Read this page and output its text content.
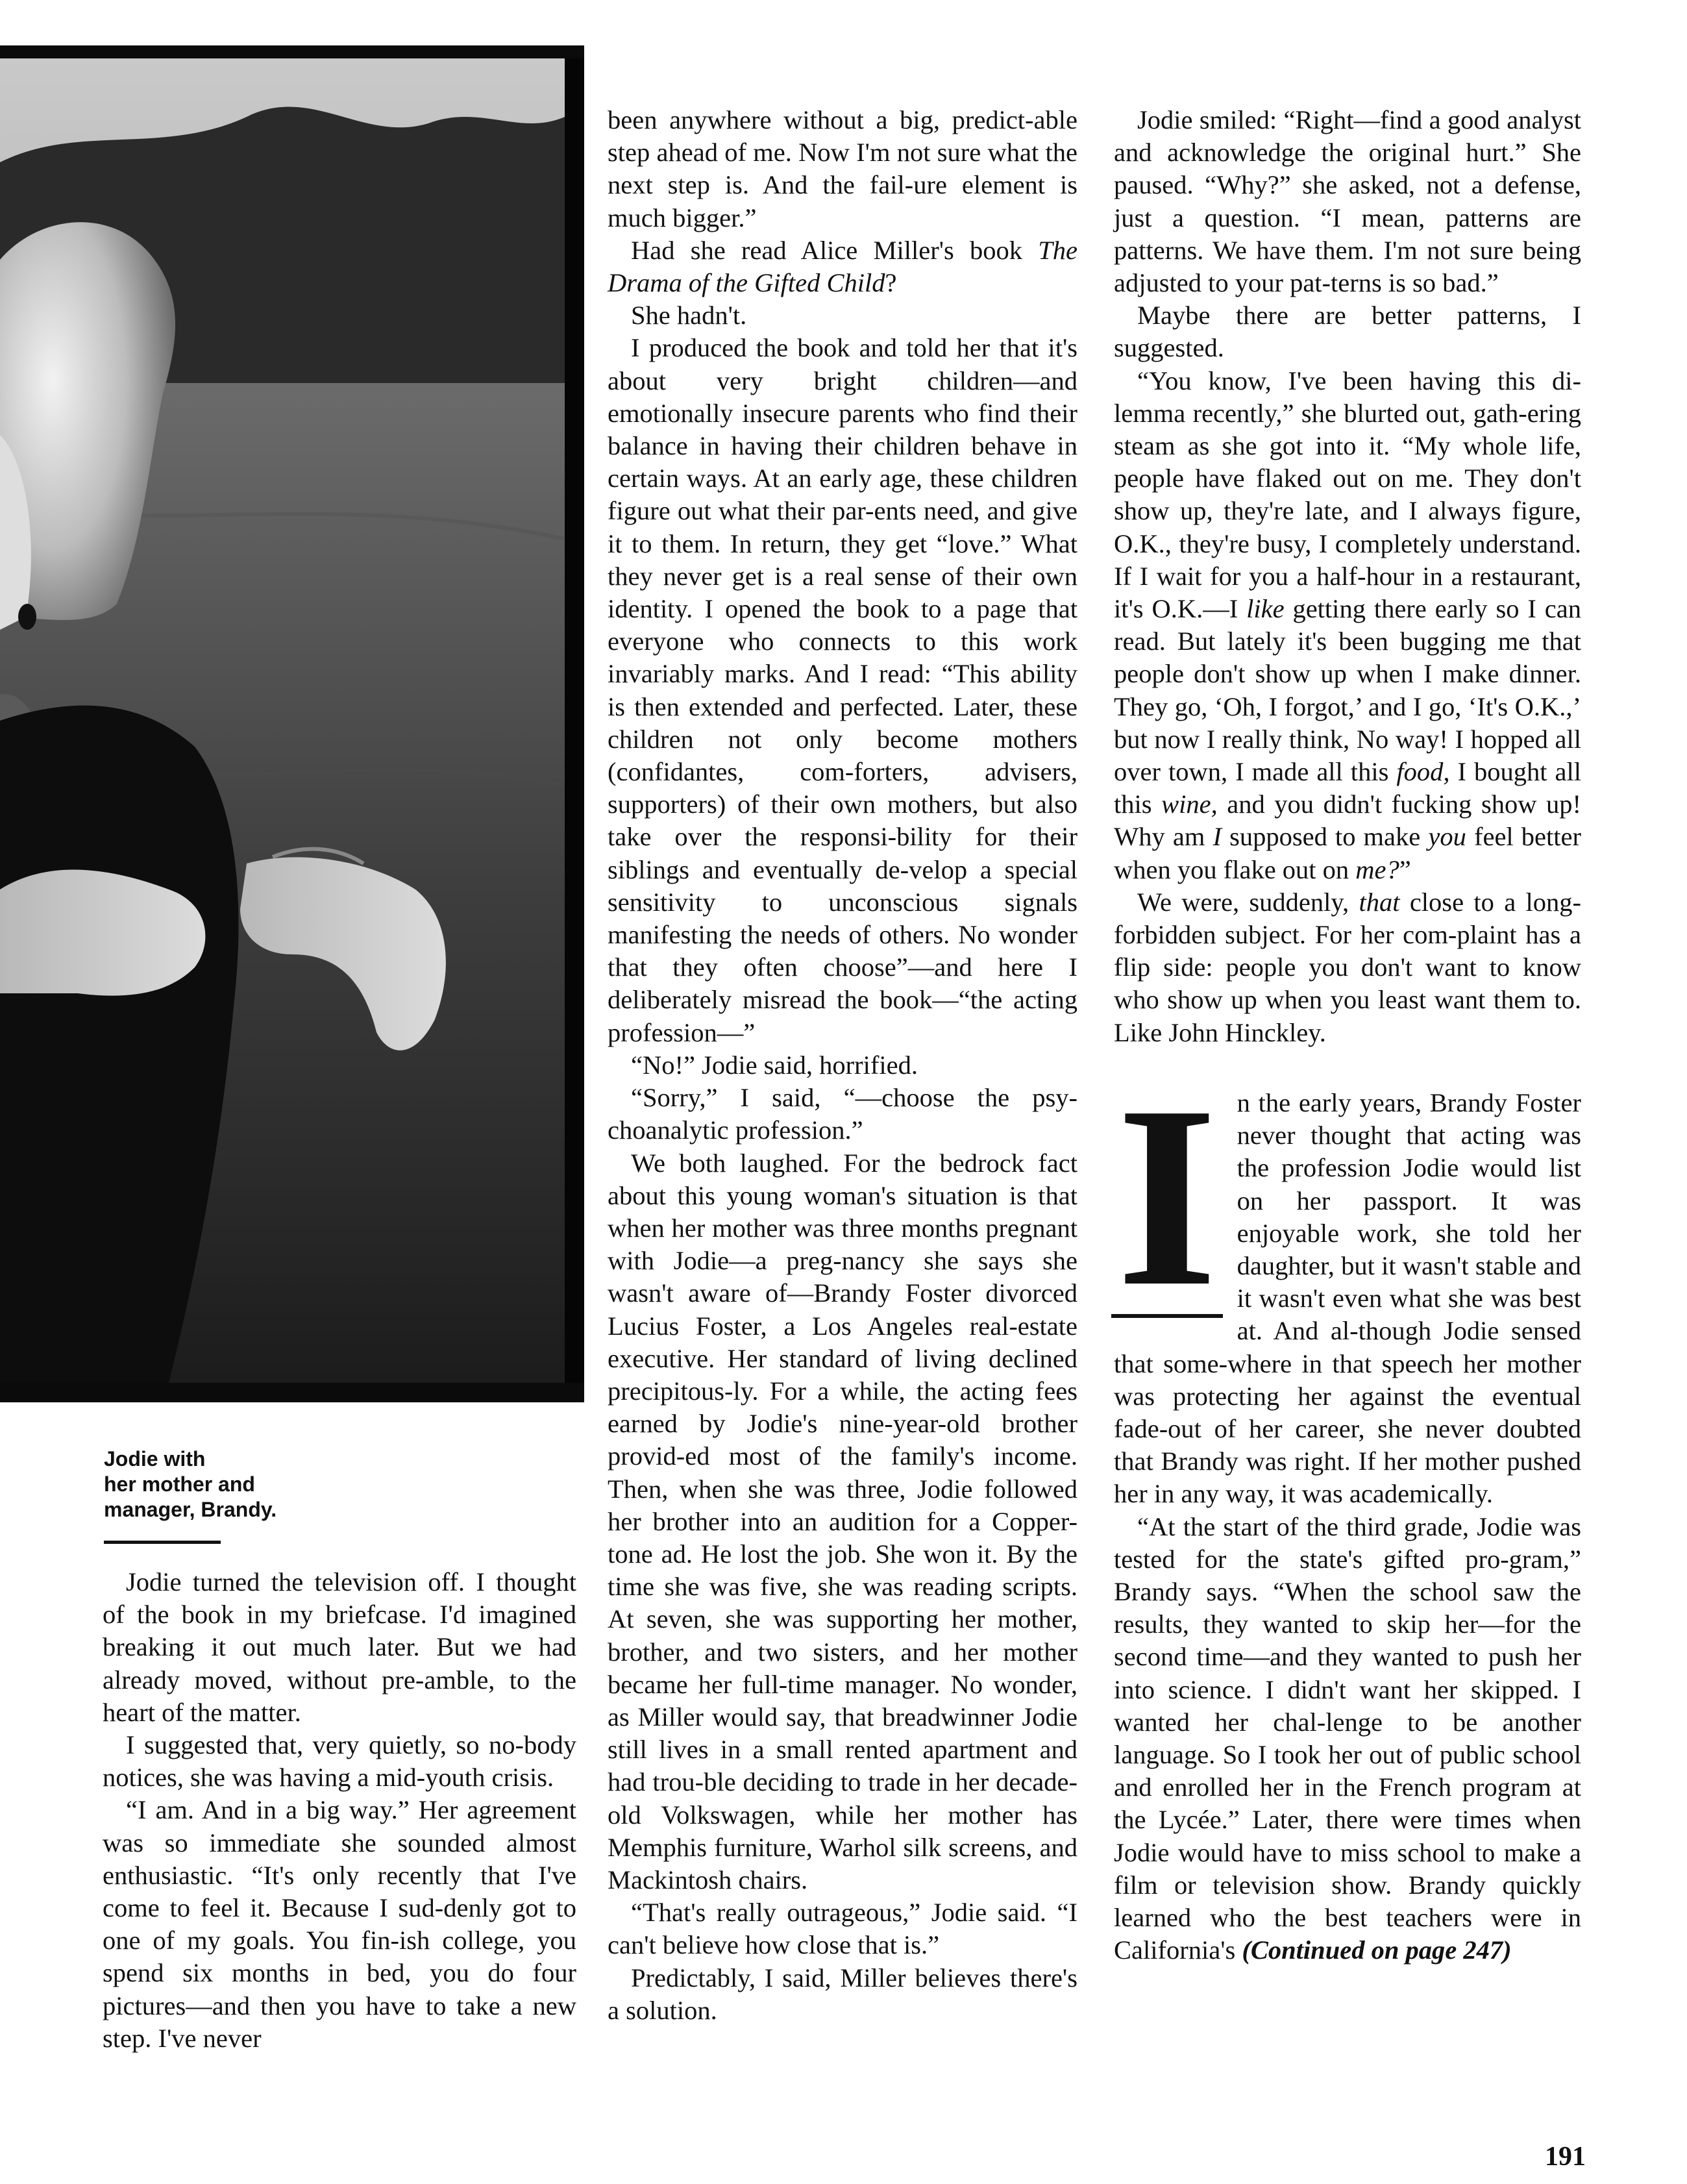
Jodie with

her mother and

manager, Brandy.

Jodie turned the television off. I thought of the book in my briefcase. I'd imagined breaking it out much later. But we had already moved, without pre-amble, to the heart of the matter.

I suggested that, very quietly, so no-body notices, she was having a mid-youth crisis.

“I am. And in a big way.” Her agreement was so immediate she sounded almost enthusiastic. “It's only recently that I've come to feel it. Because I sud-denly got to one of my goals. You fin-ish college, you spend six months in bed, you do four pictures—and then you have to take a new step. I've never

been anywhere without a big, predict-able step ahead of me. Now I'm not sure what the next step is. And the fail-ure element is much bigger.”

Had she read Alice Miller's book The Drama of the Gifted Child?

She hadn't.

I produced the book and told her that it's about very bright children—and emotionally insecure parents who find their balance in having their children behave in certain ways. At an early age, these children figure out what their par-ents need, and give it to them. In return, they get “love.” What they never get is a real sense of their own identity. I opened the book to a page that everyone who connects to this work invariably marks. And I read: “This ability is then extended and perfected. Later, these children not only become mothers (confidantes, com-forters, advisers, supporters) of their own mothers, but also take over the responsi-bility for their siblings and eventually de-velop a special sensitivity to unconscious signals manifesting the needs of others. No wonder that they often choose”—and here I deliberately misread the book—“the acting profession—”

“No!” Jodie said, horrified.

“Sorry,” I said, “—choose the psy-choanalytic profession.”

We both laughed. For the bedrock fact about this young woman's situation is that when her mother was three months pregnant with Jodie—a preg-nancy she says she wasn't aware of—Brandy Foster divorced Lucius Foster, a Los Angeles real-estate executive. Her standard of living declined precipitous-ly. For a while, the acting fees earned by Jodie's nine-year-old brother provid-ed most of the family's income. Then, when she was three, Jodie followed her brother into an audition for a Copper-tone ad. He lost the job. She won it. By the time she was five, she was reading scripts. At seven, she was supporting her mother, brother, and two sisters, and her mother became her full-time manager. No wonder, as Miller would say, that breadwinner Jodie still lives in a small rented apartment and had trou-ble deciding to trade in her decade-old Volkswagen, while her mother has Memphis furniture, Warhol silk screens, and Mackintosh chairs.

“That's really outrageous,” Jodie said. “I can't believe how close that is.”

Predictably, I said, Miller believes there's a solution.

Jodie smiled: “Right—find a good analyst and acknowledge the original hurt.” She paused. “Why?” she asked, not a defense, just a question. “I mean, patterns are patterns. We have them. I'm not sure being adjusted to your pat-terns is so bad.”

Maybe there are better patterns, I suggested.

“You know, I've been having this di-lemma recently,” she blurted out, gath-ering steam as she got into it. “My whole life, people have flaked out on me. They don't show up, they're late, and I always figure, O.K., they're busy, I completely understand. If I wait for you a half-hour in a restaurant, it's O.K.—I like getting there early so I can read. But lately it's been bugging me that people don't show up when I make dinner. They go, ‘Oh, I forgot,’ and I go, ‘It's O.K.,’ but now I really think, No way! I hopped all over town, I made all this food, I bought all this wine, and you didn't fucking show up! Why am I supposed to make you feel better when you flake out on me?”

We were, suddenly, that close to a long-forbidden subject. For her com-plaint has a flip side: people you don't want to know who show up when you least want them to. Like John Hinckley.

I n the early years, Brandy Foster never thought that acting was the profession Jodie would list on her passport. It was enjoyable work, she told her daughter, but it wasn't stable and it wasn't even what she was best at. And al-though Jodie sensed that some-where in that speech her mother was protecting her against the eventual fade-out of her career, she never doubted that Brandy was right. If her mother pushed her in any way, it was academically.

“At the start of the third grade, Jodie was tested for the state's gifted pro-gram,” Brandy says. “When the school saw the results, they wanted to skip her—for the second time—and they wanted to push her into science. I didn't want her skipped. I wanted her chal-lenge to be another language. So I took her out of public school and enrolled her in the French program at the Lycée.” Later, there were times when Jodie would have to miss school to make a film or television show. Brandy quickly learned who the best teachers were in California's (Continued on page 247)

191
